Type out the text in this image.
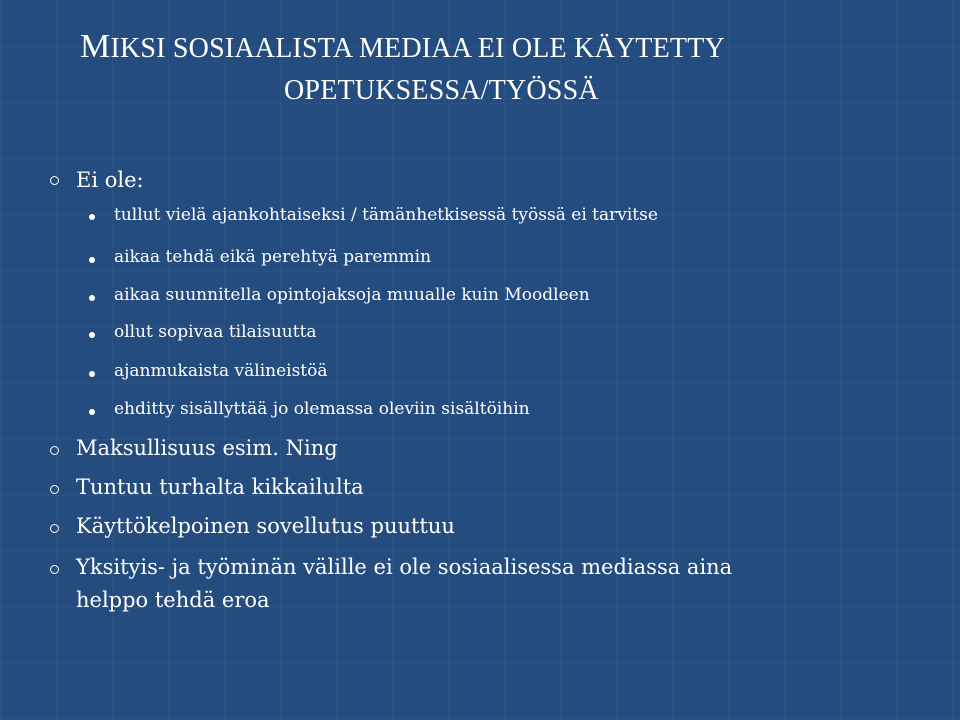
MIKSI SOSIAALISTA MEDIAA EI OLE KÄYTETTY
OPETUKSESSA/TYÖSSÄ
Ei ole:
tullut vielä ajankohtaiseksi / tämänhetkisessä työssä ei tarvitse
aikaa tehdä eikä perehtyä paremmin
aikaa suunnitella opintojaksoja muualle kuin Moodleen
ollut sopivaa tilaisuutta
ajanmukaista välineistöä
ehditty sisällyttää jo olemassa oleviin sisältöihin
Maksullisuus esim. Ning
Tuntuu turhalta kikkailulta
Käyttökelpoinen sovellutus puuttuu
Yksityis- ja työminän välille ei ole sosiaalisessa mediassa aina
helppo tehdä eroa
